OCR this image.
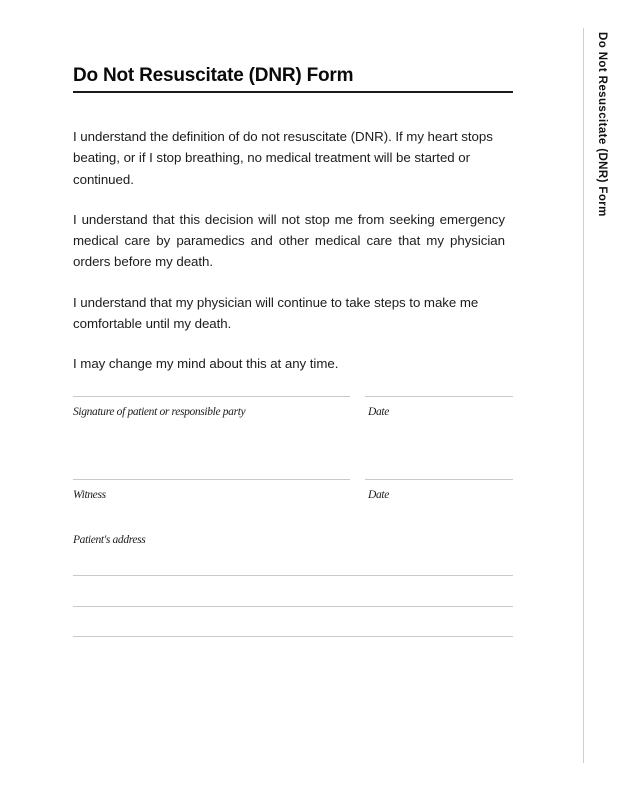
Do Not Resuscitate (DNR) Form

I understand the definition of do not resuscitate (DNR). If my heart stops beating, or if I stop breathing, no medical treatment will be started or continued.

I understand that this decision will not stop me from seeking emergency medical care by paramedics and other medical care that my physician orders before my death.

I understand that my physician will continue to take steps to make me comfortable until my death.

I may change my mind about this at any time.

Signature of patient or responsible party	Date
Witness	Date
Patient's address
Do Not Resuscitate (DNR) Form
